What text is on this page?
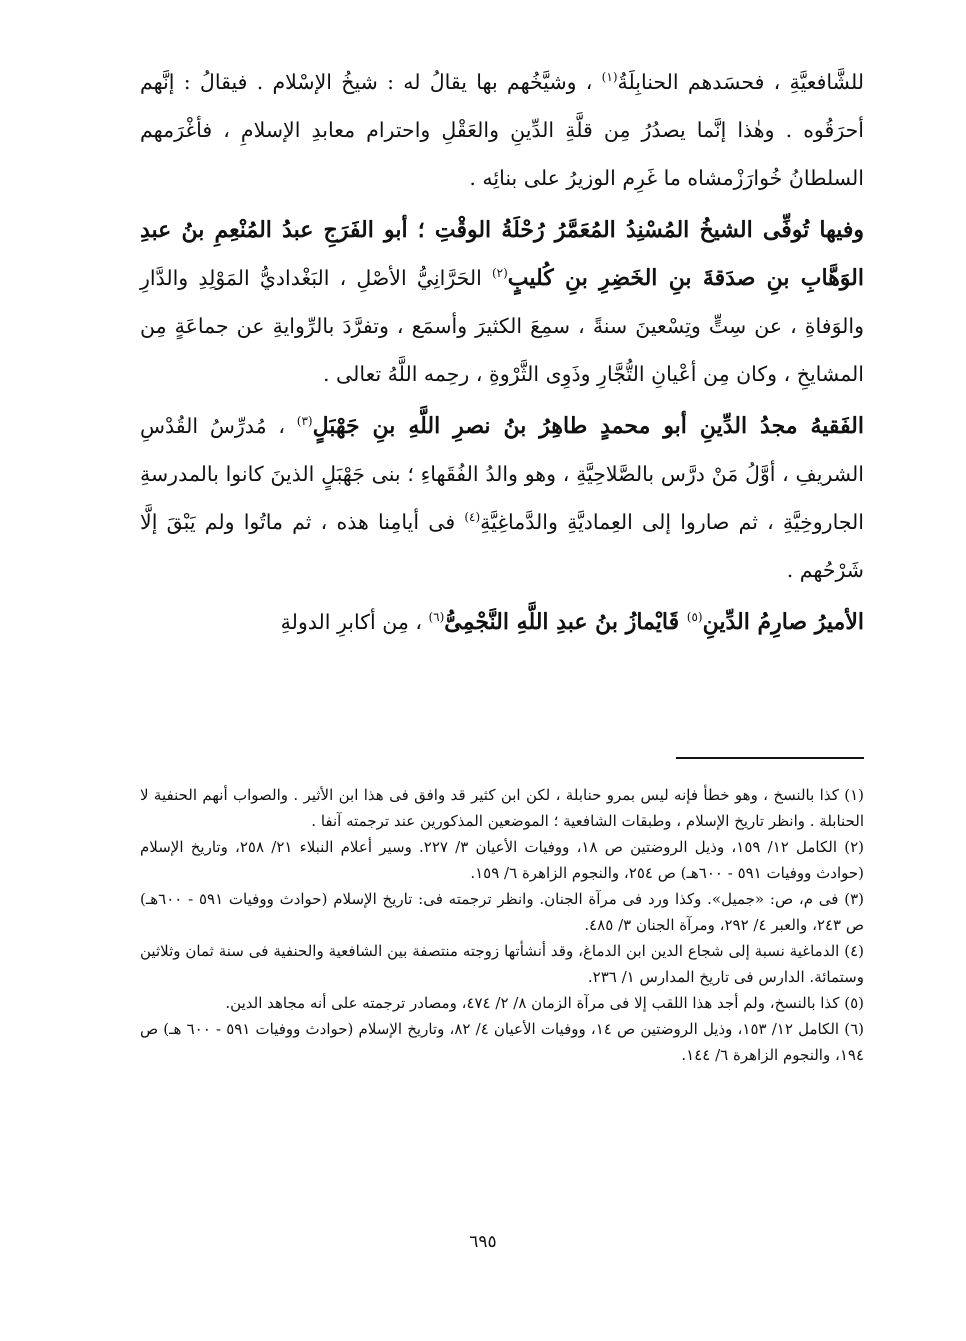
للشَّافعيَّةِ ، فحسَدهم الحنابِلَةُ$^{(١)}$ ، وشيَّخُهم بها يقالُ له : شيخُ الإسْلام . فيقالُ : إنَّهم أحرَقُوه . وهٰذا إنَّما يصدُرُ مِن قلَّةِ الدِّينِ والعَقْلِ واحترام معابدِ الإسلامِ ، فأغْرَمهم السلطانُ خُوارَزْمشاه ما غَرِم الوزيرُ على بنائِه .

وفيها تُوفِّى الشيخُ المُسْنِدُ المُعَمَّرُ رُحْلَةُ الوقْتِ ؛ أبو الفَرَجِ عبدُ المُنْعِمِ بنُ عبدِ الوَهَّابِ بنِ صدَقةَ بنِ الخَضِرِ بنِ كُليبٍ$^{(٢)}$ الحَرَّانِيُّ الأصْلِ ، البَغْداديُّ المَوْلِدِ والدَّارِ والوَفاةِ ، عن سِتٍّ وتِسْعينَ سنةً ، سمِعَ الكثيرَ وأسمَع ، وتفرَّدَ بالرِّوايةِ عن جماعَةٍ مِن المشايخِ ، وكان مِن أعْيانِ التُّجَّارِ وذَوِى الثَّرْوةِ ، رحِمه اللَّهُ تعالى .

الفَقيهُ مجدُ الدِّينِ أبو محمدٍ طاهِرُ بنُ نصرِ اللَّهِ بنِ جَهْبَلٍ$^{(٣)}$ ، مُدرِّسُ القُدْسِ الشريفِ ، أوَّلُ مَنْ درَّس بالصَّلاحِيَّةِ ، وهو والدُ الفُقَهاءِ ؛ بنى جَهْبَلٍ الذينَ كانوا بالمدرسةِ الجاروخِيَّةِ ، ثم صاروا إلى العِماديَّةِ والدَّماغِيَّةِ$^{(٤)}$ فى أيامِنا هذه ، ثم ماتُوا ولم يَبْقَ إلَّا شَرْحُهم .

الأميرُ صارِمُ الدِّينِ$^{(٥)}$ قَايْمازُ بنُ عبدِ اللَّهِ النَّجْمِىُّ$^{(٦)}$ ، مِن أكابرِ الدولةِ

(١) كذا بالنسخ ، وهو خطأ فإنه ليس بمرو حنابلة ، لكن ابن كثير قد وافق فى هذا ابن الأثير . والصواب أنهم الحنفية لا الحنابلة . وانظر تاريخ الإسلام ، وطبقات الشافعية ؛ الموضعين المذكورين عند ترجمته آنفا .

(٢) الكامل ١٢/ ١٥٩، وذيل الروضتين ص ١٨، ووفيات الأعيان ٣/ ٢٢٧. وسير أعلام النبلاء ٢١/ ٢٥٨، وتاريخ الإسلام (حوادث ووفيات ٥٩١ - ٦٠٠هـ) ص ٢٥٤، والنجوم الزاهرة ٦/ ١٥٩.

(٣) فى م، ص: «جميل». وكذا ورد فى مرآة الجنان. وانظر ترجمته فى: تاريخ الإسلام (حوادث ووفيات ٥٩١ - ٦٠٠هـ) ص ٢٤٣، والعبر ٤/ ٢٩٢، ومرآة الجنان ٣/ ٤٨٥.

(٤) الدماغية نسبة إلى شجاع الدين ابن الدماغ، وقد أنشأتها زوجته منتصفة بين الشافعية والحنفية فى سنة ثمان وثلاثين وستمائة. الدارس فى تاريخ المدارس ١/ ٢٣٦.

(٥) كذا بالنسخ، ولم أجد هذا اللقب إلا فى مرآة الزمان ٨/ ٢/ ٤٧٤، ومصادر ترجمته على أنه مجاهد الدين.

(٦) الكامل ١٢/ ١٥٣، وذيل الروضتين ص ١٤، ووفيات الأعيان ٤/ ٨٢، وتاريخ الإسلام (حوادث ووفيات ٥٩١ - ٦٠٠ هـ) ص ١٩٤، والنجوم الزاهرة ٦/ ١٤٤.

٦٩٥
